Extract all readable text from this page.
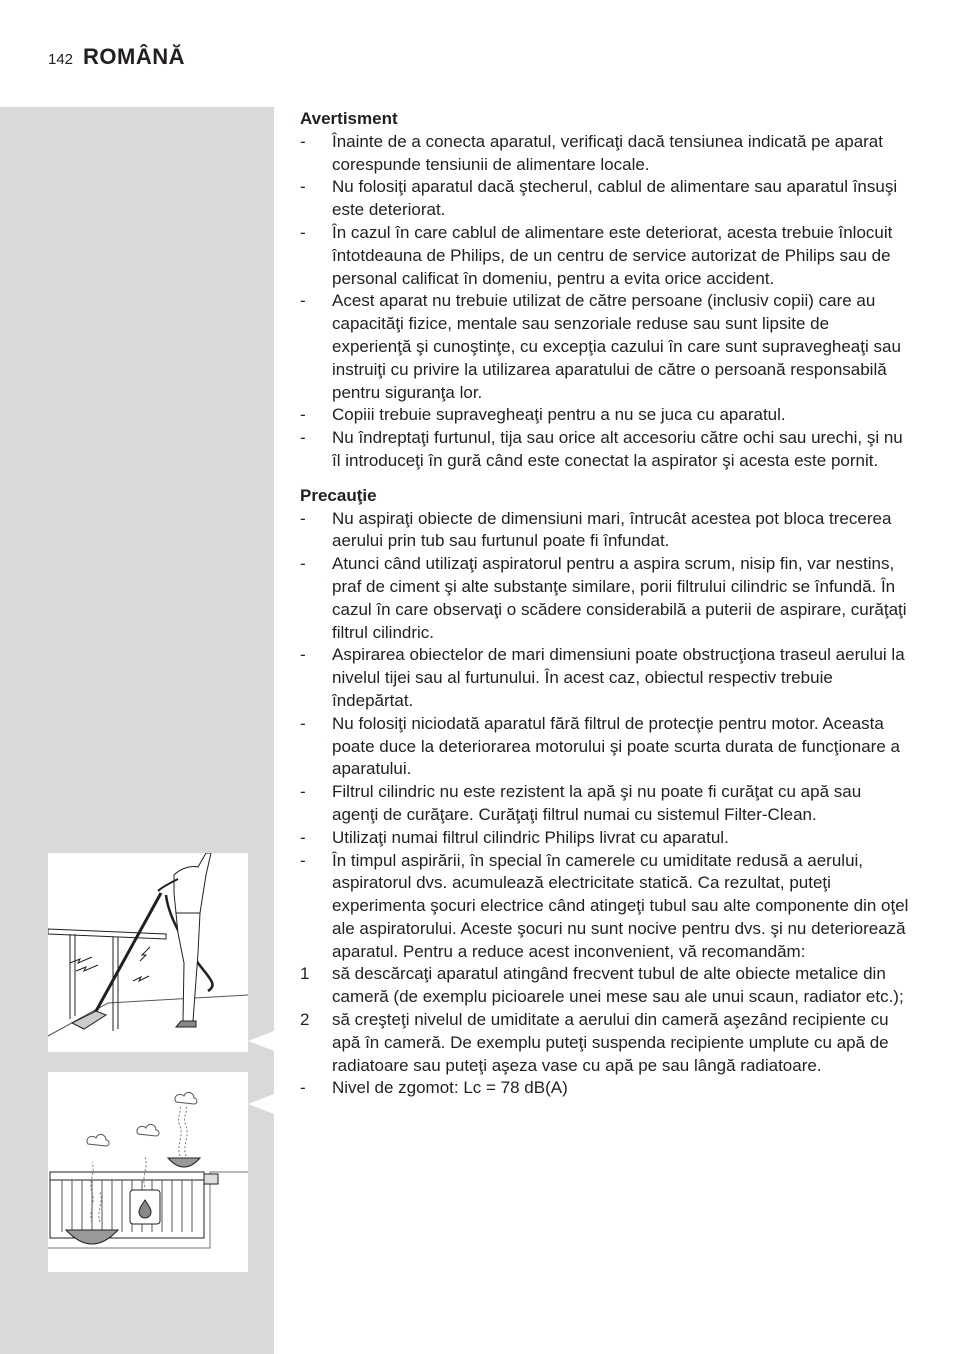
142 ROMÂNĂ

Avertisment

- Înainte de a conecta aparatul, verificaţi dacă tensiunea indicată pe aparat corespunde tensiunii de alimentare locale.
- Nu folosiţi aparatul dacă ştecherul, cablul de alimentare sau aparatul însuşi este deteriorat.
- În cazul în care cablul de alimentare este deteriorat, acesta trebuie înlocuit întotdeauna de Philips, de un centru de service autorizat de Philips sau de personal calificat în domeniu, pentru a evita orice accident.
- Acest aparat nu trebuie utilizat de către persoane (inclusiv copii) care au capacităţi fizice, mentale sau senzoriale reduse sau sunt lipsite de experienţă şi cunoştinţe, cu excepţia cazului în care sunt supravegheaţi sau instruiţi cu privire la utilizarea aparatului de către o persoană responsabilă pentru siguranţa lor.
- Copiii trebuie supravegheaţi pentru a nu se juca cu aparatul.
- Nu îndreptaţi furtunul, tija sau orice alt accesoriu către ochi sau urechi, şi nu îl introduceţi în gură când este conectat la aspirator şi acesta este pornit.

Precauţie

- Nu aspiraţi obiecte de dimensiuni mari, întrucât acestea pot bloca trecerea aerului prin tub sau furtunul poate fi înfundat.
- Atunci când utilizaţi aspiratorul pentru a aspira scrum, nisip fin, var nestins, praf de ciment şi alte substanţe similare, porii filtrului cilindric se înfundă. În cazul în care observaţi o scădere considerabilă a puterii de aspirare, curăţaţi filtrul cilindric.
- Aspirarea obiectelor de mari dimensiuni poate obstrucţiona traseul aerului la nivelul tijei sau al furtunului. În acest caz, obiectul respectiv trebuie îndepărtat.
- Nu folosiţi niciodată aparatul fără filtrul de protecţie pentru motor. Aceasta poate duce la deteriorarea motorului şi poate scurta durata de funcţionare a aparatului.
- Filtrul cilindric nu este rezistent la apă şi nu poate fi curăţat cu apă sau agenţi de curăţare. Curăţaţi filtrul numai cu sistemul Filter-Clean.
- Utilizaţi numai filtrul cilindric Philips livrat cu aparatul.
- În timpul aspirării, în special în camerele cu umiditate redusă a aerului, aspiratorul dvs. acumulează electricitate statică. Ca rezultat, puteţi experimenta şocuri electrice când atingeţi tubul sau alte componente din oţel ale aspiratorului. Aceste şocuri nu sunt nocive pentru dvs. şi nu deteriorează aparatul. Pentru a reduce acest inconvenient, vă recomandăm:
1 să descărcaţi aparatul atingând frecvent tubul de alte obiecte metalice din cameră (de exemplu picioarele unei mese sau ale unui scaun, radiator etc.);
2 să creşteţi nivelul de umiditate a aerului din cameră aşezând recipiente cu apă în cameră. De exemplu puteţi suspenda recipiente umplute cu apă de radiatoare sau puteţi aşeza vase cu apă pe sau lângă radiatoare.
- Nivel de zgomot: Lc = 78 dB(A)
